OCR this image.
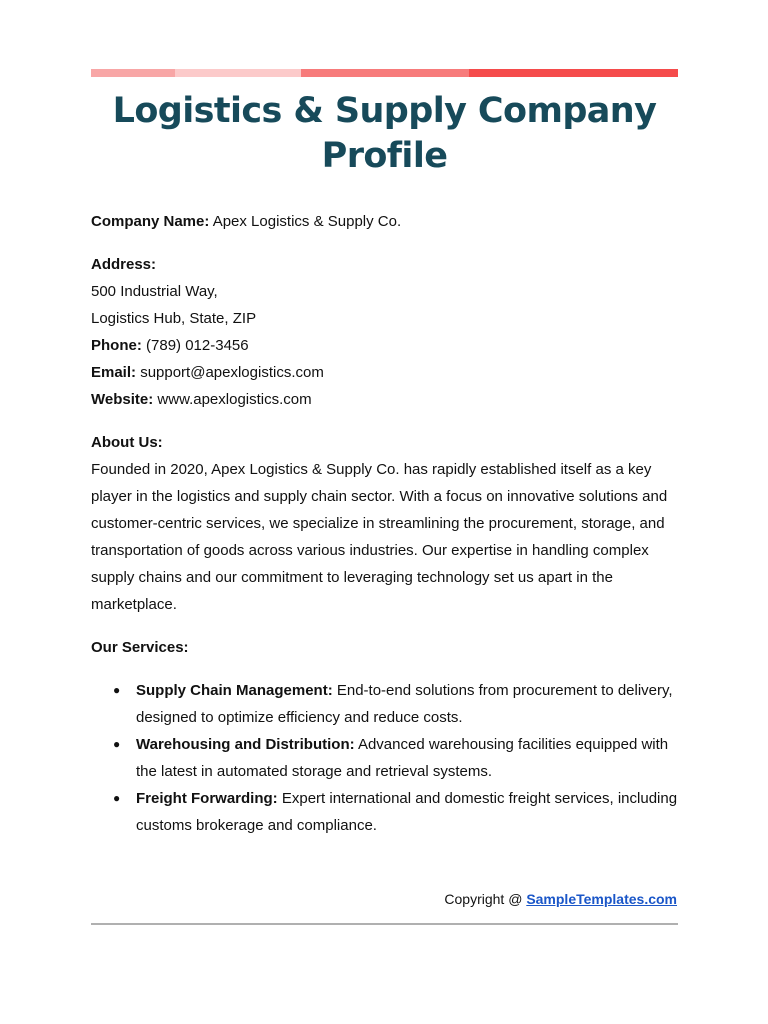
Logistics & Supply Company Profile

Company Name: Apex Logistics & Supply Co.

Address:

500 Industrial Way,

Logistics Hub, State, ZIP

Phone: (789) 012-3456

Email: support@apexlogistics.com

Website: www.apexlogistics.com

About Us:

Founded in 2020, Apex Logistics & Supply Co. has rapidly established itself as a key player in the logistics and supply chain sector. With a focus on innovative solutions and customer-centric services, we specialize in streamlining the procurement, storage, and transportation of goods across various industries. Our expertise in handling complex supply chains and our commitment to leveraging technology set us apart in the marketplace.

Our Services:

● Supply Chain Management: End-to-end solutions from procurement to delivery, designed to optimize efficiency and reduce costs.
● Warehousing and Distribution: Advanced warehousing facilities equipped with the latest in automated storage and retrieval systems.
● Freight Forwarding: Expert international and domestic freight services, including customs brokerage and compliance.
Copyright @ SampleTemplates.com
